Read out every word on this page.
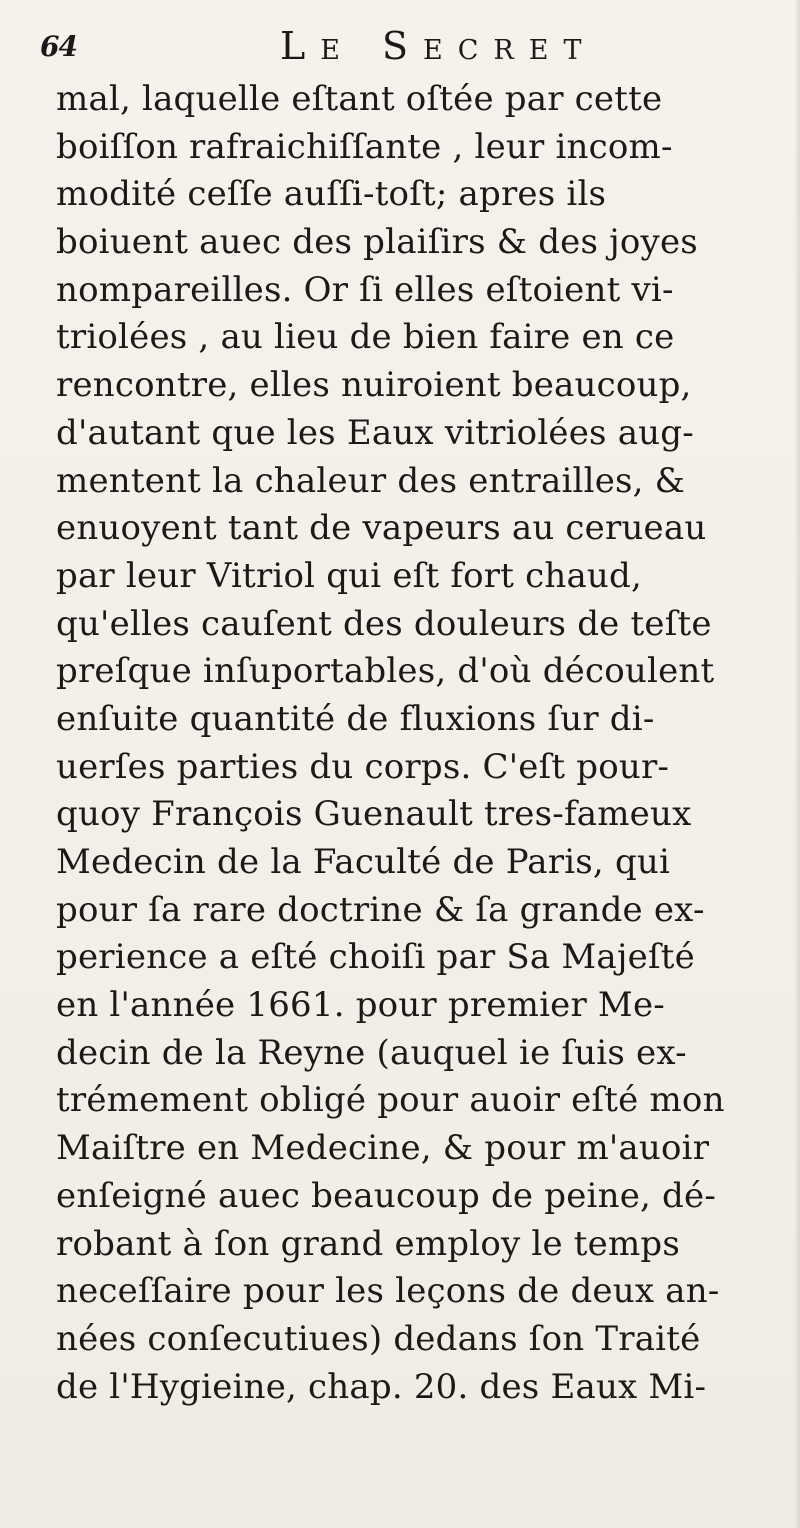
64	Le Secret
mal, laquelle eſtant oſtée par cette
boiſſon rafraichiſſante , leur incom-
modité ceſſe auſſi-toſt; apres ils
boiuent auec des plaiſirs & des joyes
nompareilles. Or ſi elles eſtoient vi-
triolées , au lieu de bien faire en ce
rencontre, elles nuiroient beaucoup,
d'autant que les Eaux vitriolées aug-
mentent la chaleur des entrailles, &
enuoyent tant de vapeurs au cerueau
par leur Vitriol qui eſt fort chaud,
qu'elles cauſent des douleurs de teſte
preſque inſuportables, d'où découlent
enſuite quantité de fluxions ſur di-
uerſes parties du corps. C'eſt pour-
quoy François Guenault tres-fameux
Medecin de la Faculté de Paris, qui
pour ſa rare doctrine & ſa grande ex-
perience a eſté choiſi par Sa Majeſté
en l'année 1661. pour premier Me-
decin de la Reyne (auquel ie ſuis ex-
trémement obligé pour auoir eſté mon
Maiſtre en Medecine, & pour m'auoir
enſeigné auec beaucoup de peine, dé-
robant à ſon grand employ le temps
neceſſaire pour les leçons de deux an-
nées conſecutiues) dedans ſon Traité
de l'Hygieine, chap. 20. des Eaux Mi-
